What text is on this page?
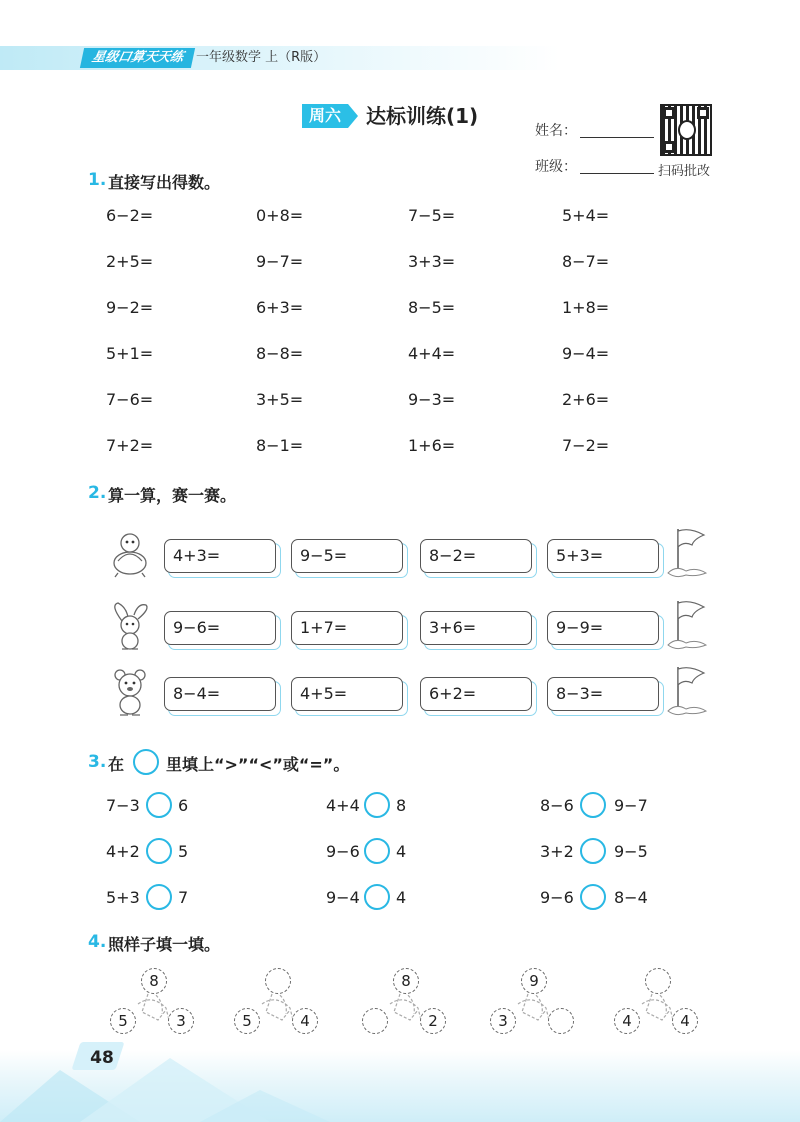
星级口算天天练 一年级数学 上（R版）
周六	达标训练(1)
姓名：
班级：	扫码批改
1. 直接写出得数。
6−2=	0+8=	7−5=	5+4=
2+5=	9−7=	3+3=	8−7=
9−2=	6+3=	8−5=	1+8=
5+1=	8−8=	4+4=	9−4=
7−6=	3+5=	9−3=	2+6=
7+2=	8−1=	1+6=	7−2=
2. 算一算，赛一赛。
4+3=	9−5=	8−2=	5+3=
9−6=	1+7=	3+6=	9−9=
8−4=	4+5=	6+2=	8−3=
3. 在	里填上“>”“<”或“=”。
7−3 6	4+4 8	8−6	9−7
4+2 5	9−6 4	3+2	9−5
5+3 7	9−4 4	9−6	8−4
4. 照样子填一填。
8
5	3	5	4
8
2
9
3	4	4
48
